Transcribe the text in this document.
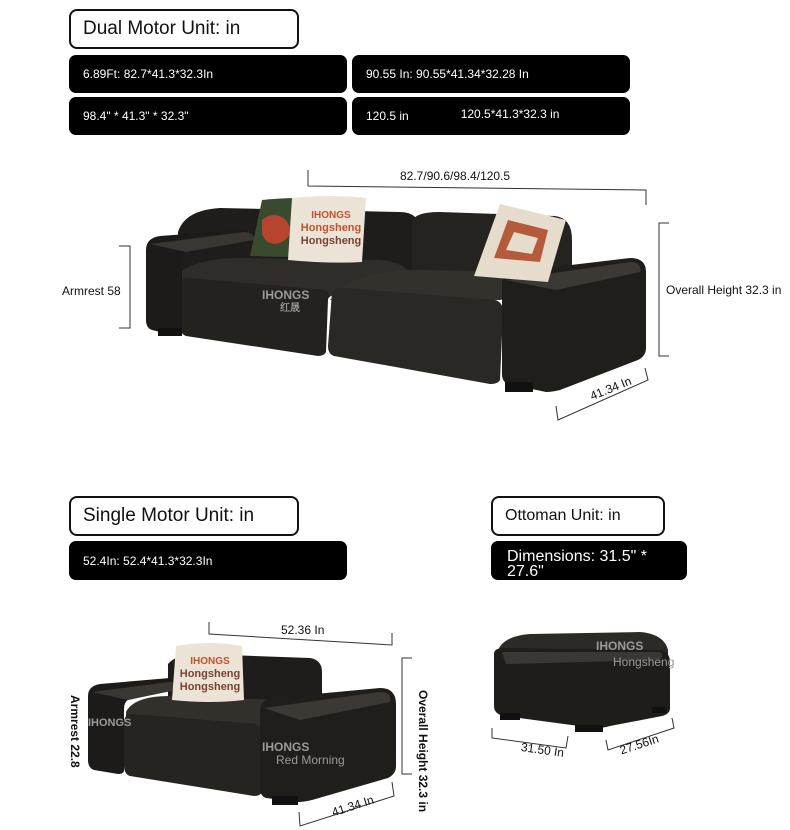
Dual Motor Unit: in
6.89Ft: 82.7*41.3*32.3In	90.55 In: 90.55*41.34*32.28 In
98.4" * 41.3" * 32.3"	120.5 in	120.5*41.3*32.3 in
IHONGS
红晟
82.7/90.6/98.4/120.5
Armrest 58	Overall Height 32.3 in
41.34 In
IHONGS
Hongsheng
Hongsheng
Single Motor Unit: in
52.4In: 52.4*41.3*32.3In
Ottoman Unit: in
Dimensions: 31.5" * 27.6"
IHONGS
IHONGS
IHONGS
52.36 In
Armrest 22.8	Overall Height 32.3 in
41.34 In
IHONGS
Hongsheng
Hongsheng
Red Morning
Hongsheng
31.50 In	27.56In
